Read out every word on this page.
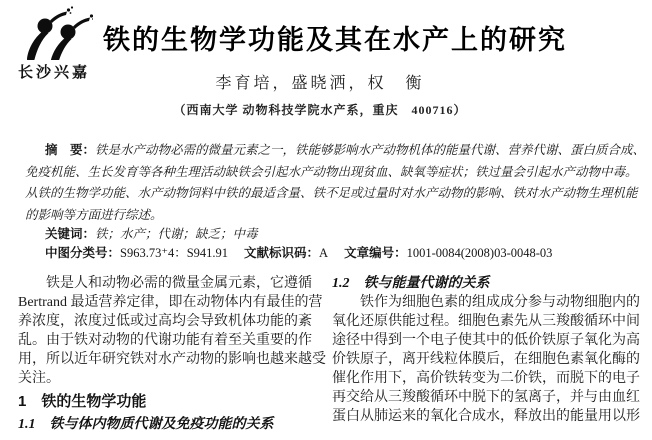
长沙兴嘉
铁的生物学功能及其在水产上的研究
李育培，盛晓洒，权　衡
（西南大学 动物科技学院水产系，重庆　400716）
摘　要：铁是水产动物必需的微量元素之一，铁能够影响水产动物机体的能量代谢、营养代谢、蛋白质合成、
免疫机能、生长发育等各种生理活动缺铁会引起水产动物出现贫血、缺氧等症状；铁过量会引起水产动物中毒。
从铁的生物学功能、水产动物饲料中铁的最适含量、铁不足或过量时对水产动物的影响、铁对水产动物生理机能
的影响等方面进行综述。
关键词：铁；水产；代谢；缺乏；中毒
中图分类号：S963.73⁺4：S941.91 文献标识码：A 文章编号：1001-0084(2008)03-0048-03
铁是人和动物必需的微量金属元素，它遵循
Bertrand 最适营养定律，即在动物体内有最佳的营
养浓度，浓度过低或过高均会导致机体功能的紊
乱。由于铁对动物的代谢功能有着至关重要的作
用，所以近年研究铁对水产动物的影响也越来越受
关注。
1　铁的生物学功能
1.1　铁与体内物质代谢及免疫功能的关系
1.2　铁与能量代谢的关系
铁作为细胞色素的组成成分参与动物细胞内的
氧化还原供能过程。细胞色素先从三羧酸循环中间
途径中得到一个电子使其中的低价铁原子氧化为高
价铁原子，离开线粒体膜后，在细胞色素氧化酶的
催化作用下，高价铁转变为二价铁，而脱下的电子
再交给从三羧酸循环中脱下的氢离子，并与由血红
蛋白从肺运来的氧化合成水，释放出的能量用以形
